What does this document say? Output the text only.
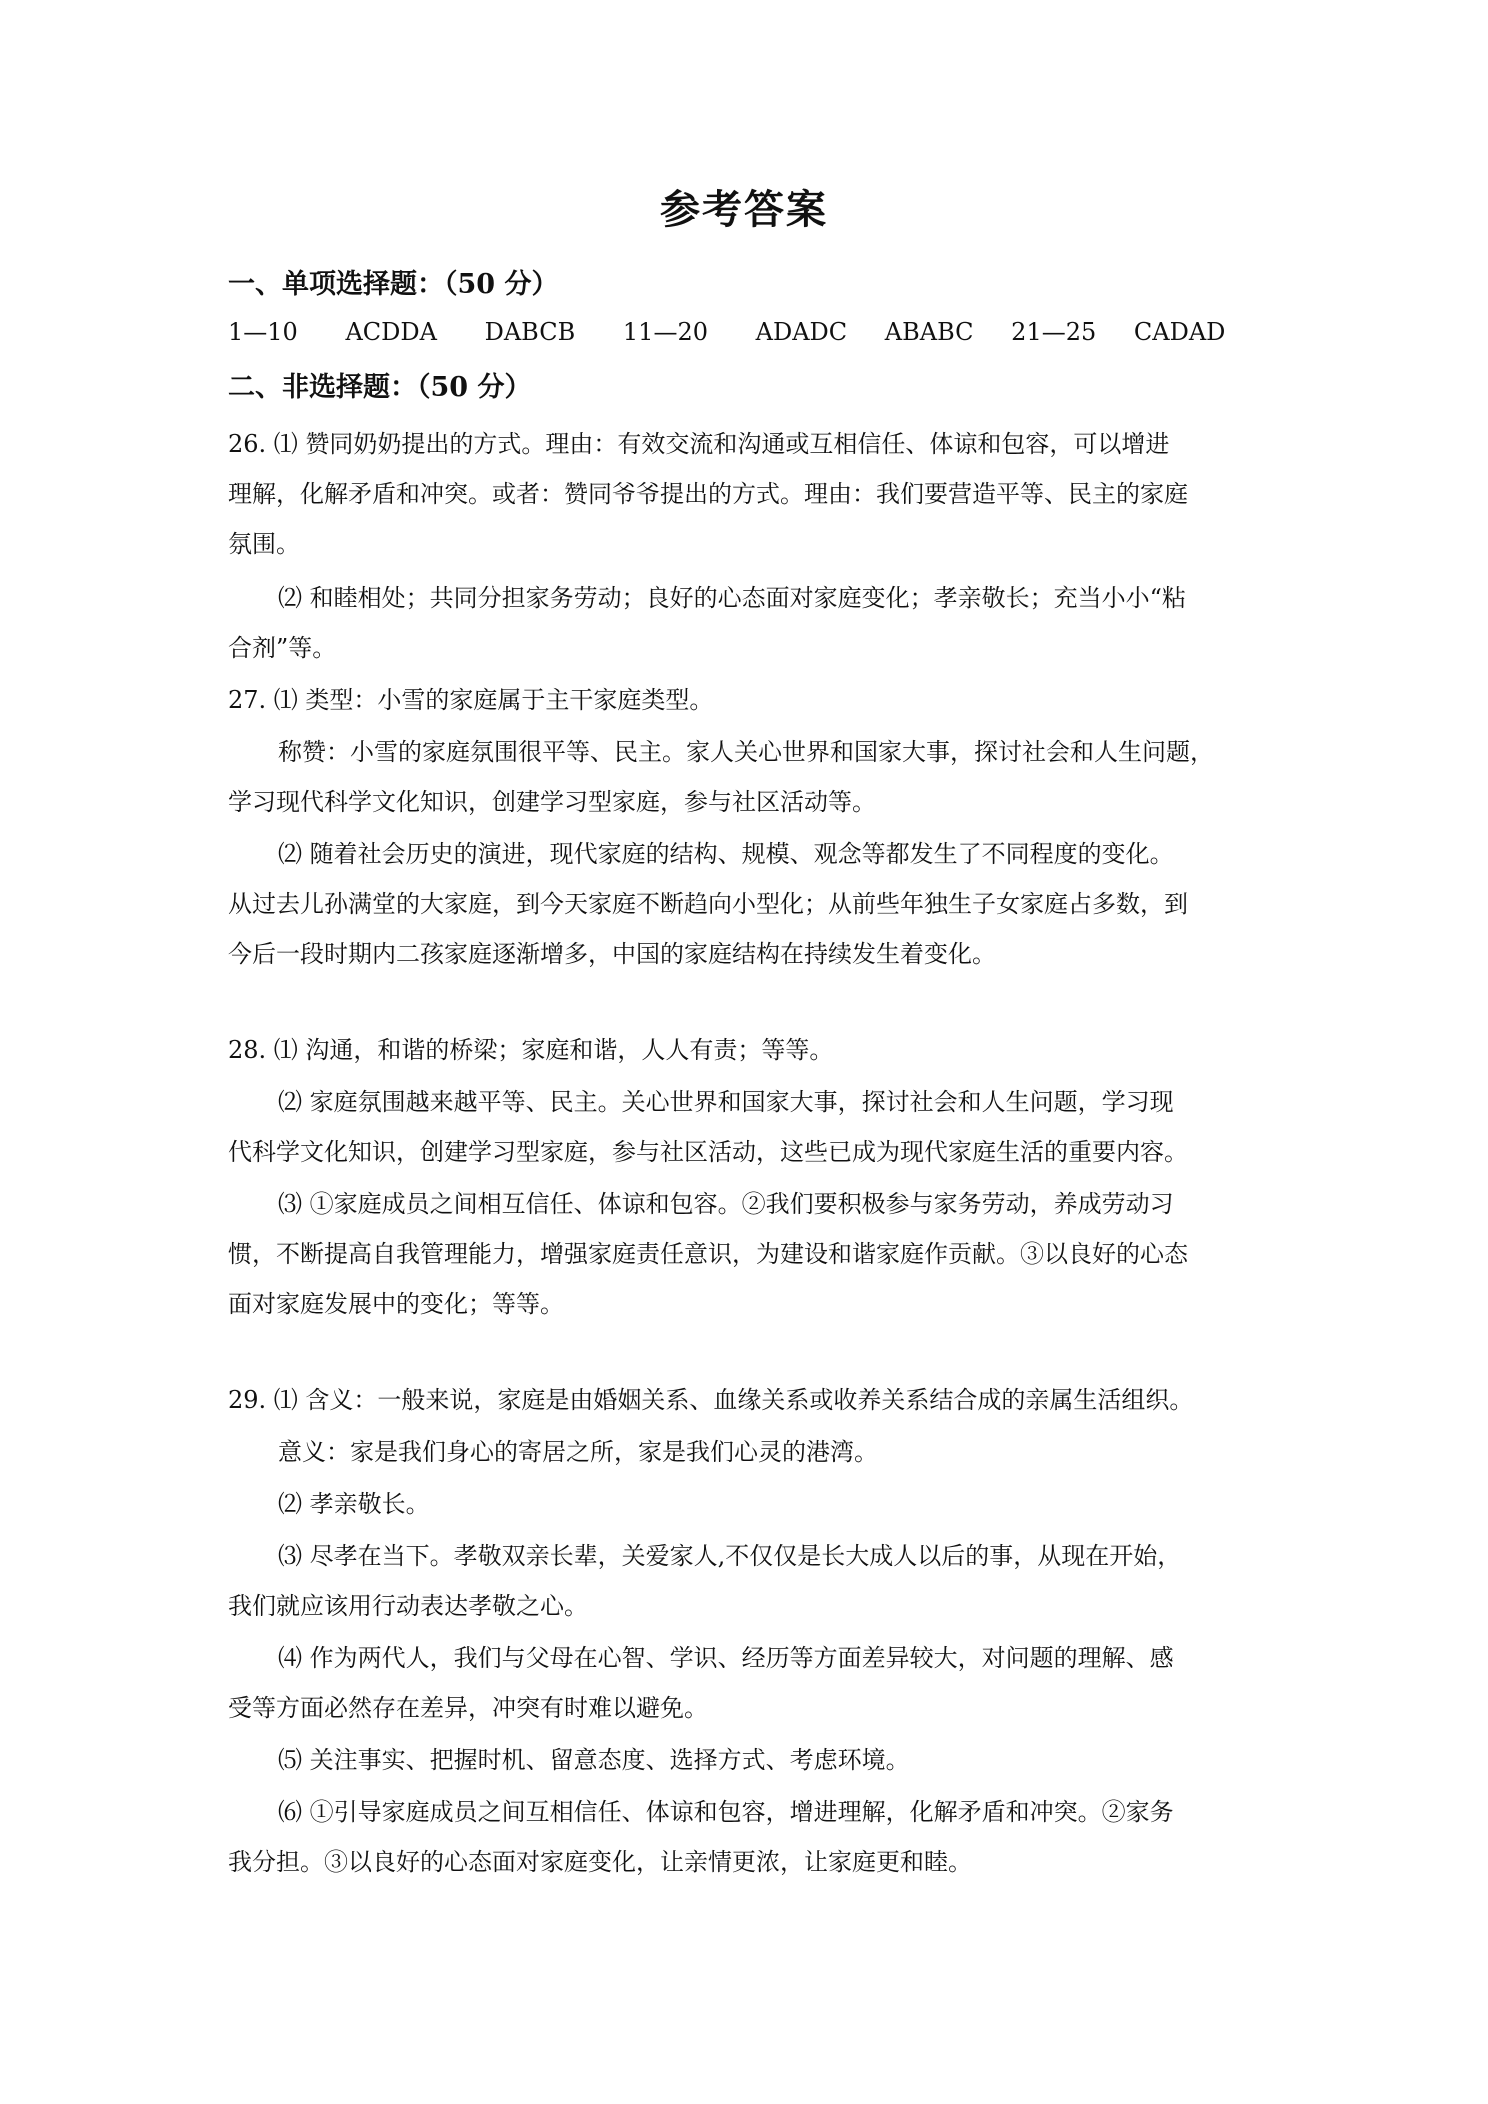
参考答案
一、单项选择题：（50 分）
1—10 ACDDA DABCB 11—20 ADADC ABABC 21—25 CADAD
二、非选择题：（50 分）
26. ⑴ 赞同奶奶提出的方式。理由：有效交流和沟通或互相信任、体谅和包容，可以增进
理解，化解矛盾和冲突。或者：赞同爷爷提出的方式。理由：我们要营造平等、民主的家庭
氛围。
⑵ 和睦相处；共同分担家务劳动；良好的心态面对家庭变化；孝亲敬长；充当小小“粘
合剂”等。
27. ⑴ 类型：小雪的家庭属于主干家庭类型。
称赞：小雪的家庭氛围很平等、民主。家人关心世界和国家大事，探讨社会和人生问题，
学习现代科学文化知识，创建学习型家庭，参与社区活动等。
⑵ 随着社会历史的演进，现代家庭的结构、规模、观念等都发生了不同程度的变化。
从过去儿孙满堂的大家庭，到今天家庭不断趋向小型化；从前些年独生子女家庭占多数，到
今后一段时期内二孩家庭逐渐增多，中国的家庭结构在持续发生着变化。
28. ⑴ 沟通，和谐的桥梁；家庭和谐，人人有责；等等。
⑵ 家庭氛围越来越平等、民主。关心世界和国家大事，探讨社会和人生问题，学习现
代科学文化知识，创建学习型家庭，参与社区活动，这些已成为现代家庭生活的重要内容。
⑶ ①家庭成员之间相互信任、体谅和包容。②我们要积极参与家务劳动，养成劳动习
惯，不断提高自我管理能力，增强家庭责任意识，为建设和谐家庭作贡献。③以良好的心态
面对家庭发展中的变化；等等。
29. ⑴ 含义：一般来说，家庭是由婚姻关系、血缘关系或收养关系结合成的亲属生活组织。
意义：家是我们身心的寄居之所，家是我们心灵的港湾。
⑵ 孝亲敬长。
⑶ 尽孝在当下。孝敬双亲长辈，关爱家人,不仅仅是长大成人以后的事，从现在开始，
我们就应该用行动表达孝敬之心。
⑷ 作为两代人，我们与父母在心智、学识、经历等方面差异较大，对问题的理解、感
受等方面必然存在差异，冲突有时难以避免。
⑸ 关注事实、把握时机、留意态度、选择方式、考虑环境。
⑹ ①引导家庭成员之间互相信任、体谅和包容，增进理解，化解矛盾和冲突。②家务
我分担。③以良好的心态面对家庭变化，让亲情更浓，让家庭更和睦。
